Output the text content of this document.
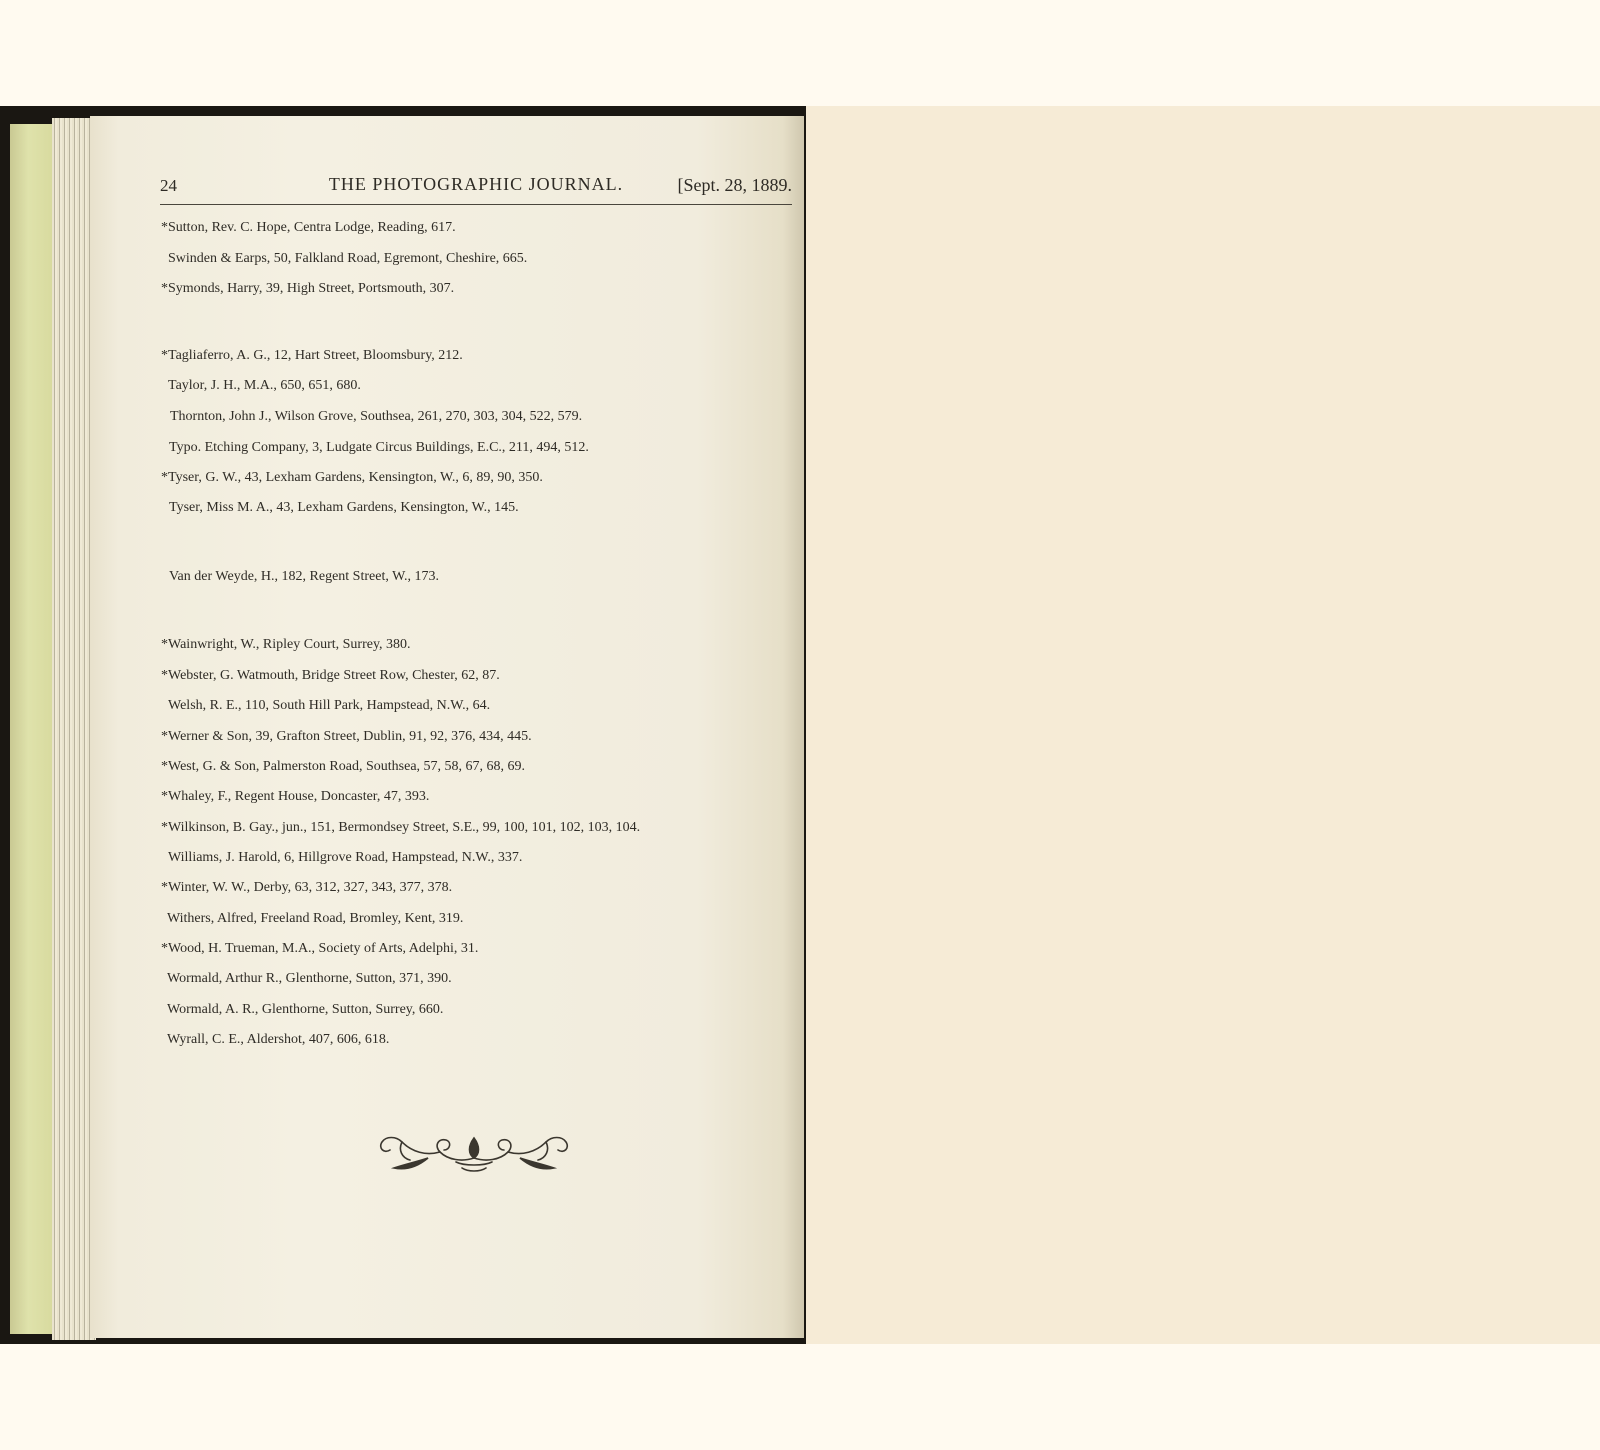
24	THE PHOTOGRAPHIC JOURNAL.	[Sept. 28, 1889.
*Sutton, Rev. C. Hope, Centra Lodge, Reading, 617.
Swinden & Earps, 50, Falkland Road, Egremont, Cheshire, 665.
*Symonds, Harry, 39, High Street, Portsmouth, 307.
*Tagliaferro, A. G., 12, Hart Street, Bloomsbury, 212.
Taylor, J. H., M.A., 650, 651, 680.
Thornton, John J., Wilson Grove, Southsea, 261, 270, 303, 304, 522, 579.
Typo. Etching Company, 3, Ludgate Circus Buildings, E.C., 211, 494, 512.
*Tyser, G. W., 43, Lexham Gardens, Kensington, W., 6, 89, 90, 350.
Tyser, Miss M. A., 43, Lexham Gardens, Kensington, W., 145.
Van der Weyde, H., 182, Regent Street, W., 173.
*Wainwright, W., Ripley Court, Surrey, 380.
*Webster, G. Watmouth, Bridge Street Row, Chester, 62, 87.
Welsh, R. E., 110, South Hill Park, Hampstead, N.W., 64.
*Werner & Son, 39, Grafton Street, Dublin, 91, 92, 376, 434, 445.
*West, G. & Son, Palmerston Road, Southsea, 57, 58, 67, 68, 69.
*Whaley, F., Regent House, Doncaster, 47, 393.
*Wilkinson, B. Gay., jun., 151, Bermondsey Street, S.E., 99, 100, 101, 102, 103, 104.
Williams, J. Harold, 6, Hillgrove Road, Hampstead, N.W., 337.
*Winter, W. W., Derby, 63, 312, 327, 343, 377, 378.
Withers, Alfred, Freeland Road, Bromley, Kent, 319.
*Wood, H. Trueman, M.A., Society of Arts, Adelphi, 31.
Wormald, Arthur R., Glenthorne, Sutton, 371, 390.
Wormald, A. R., Glenthorne, Sutton, Surrey, 660.
Wyrall, C. E., Aldershot, 407, 606, 618.
